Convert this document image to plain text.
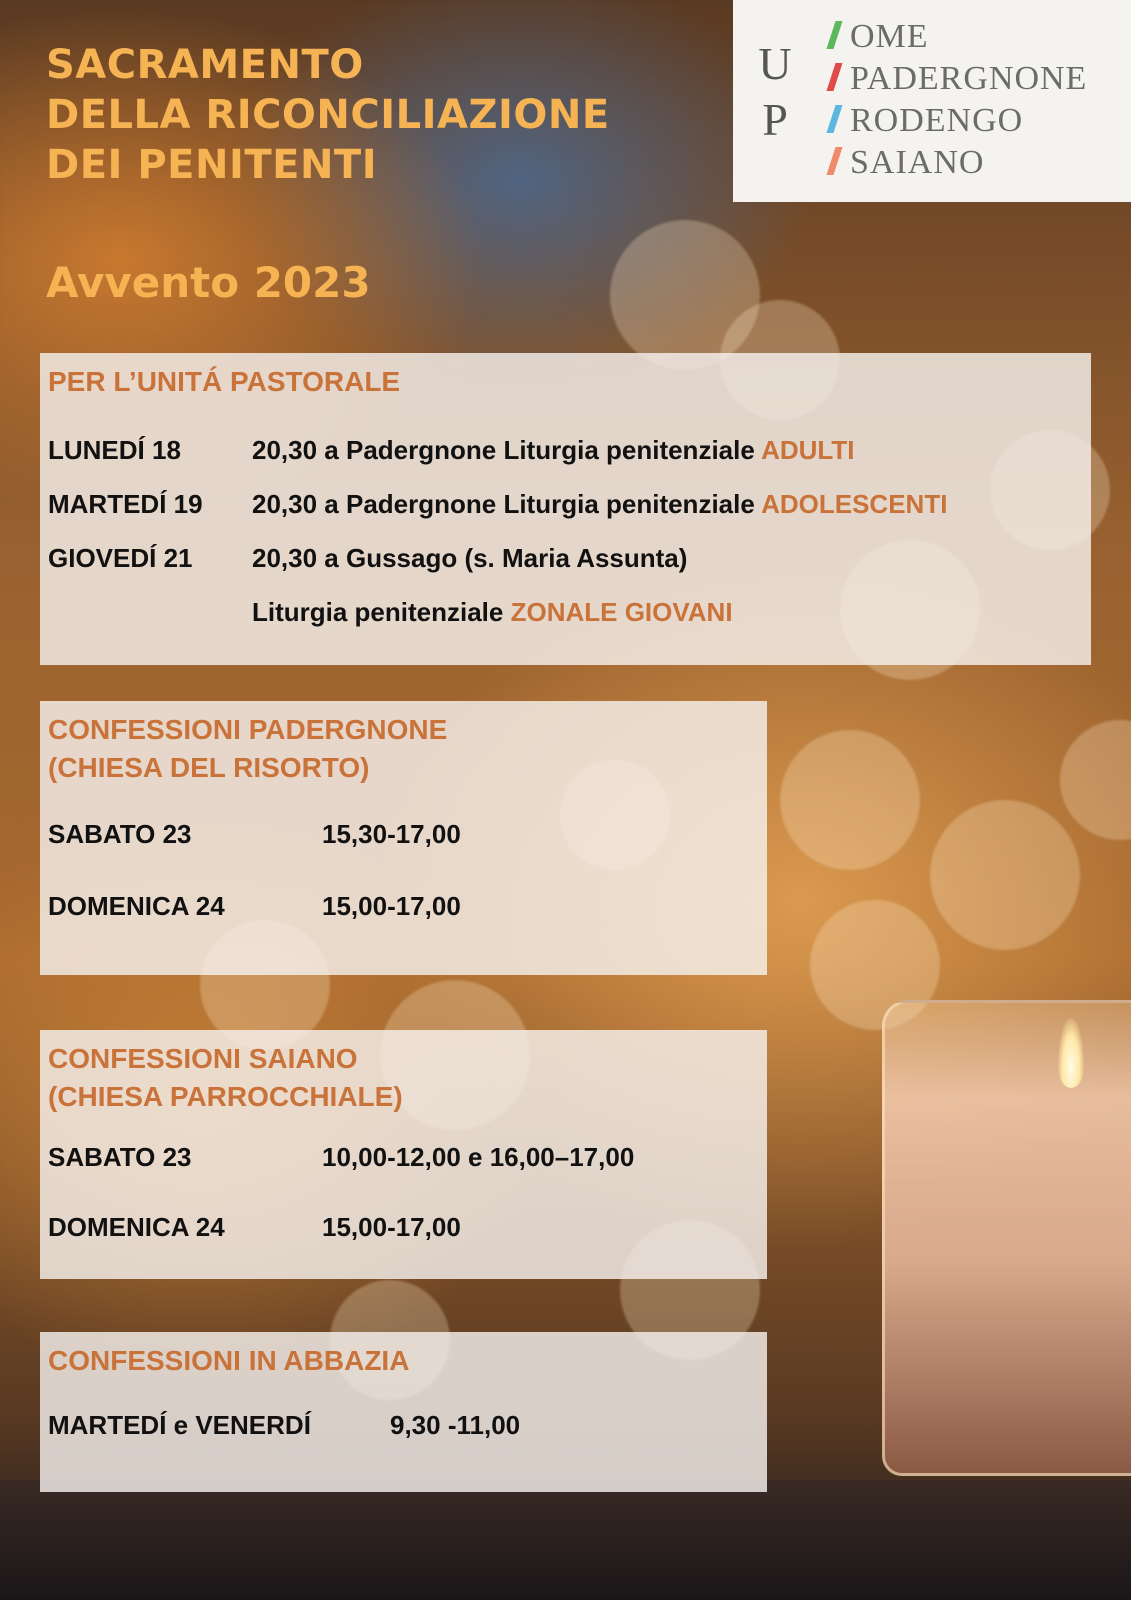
SACRAMENTO
DELLA RICONCILIAZIONE
DEI PENITENTI
Avvento 2023
U
P
OME
PADERGNONE
RODENGO
SAIANO
PER L’UNITÁ PASTORALE
LUNEDÍ 18	20,30 a Padergnone Liturgia penitenziale ADULTI
MARTEDÍ 19 20,30 a Padergnone Liturgia penitenziale ADOLESCENTI
GIOVEDÍ 21 20,30 a Gussago (s. Maria Assunta)
Liturgia penitenziale ZONALE GIOVANI
CONFESSIONI PADERGNONE
(CHIESA DEL RISORTO)
SABATO 23	15,30-17,00
DOMENICA 24	15,00-17,00
CONFESSIONI SAIANO
(CHIESA PARROCCHIALE)
SABATO 23	10,00-12,00 e 16,00–17,00
DOMENICA 24	15,00-17,00
CONFESSIONI IN ABBAZIA
MARTEDÍ e VENERDÍ	9,30 -11,00
